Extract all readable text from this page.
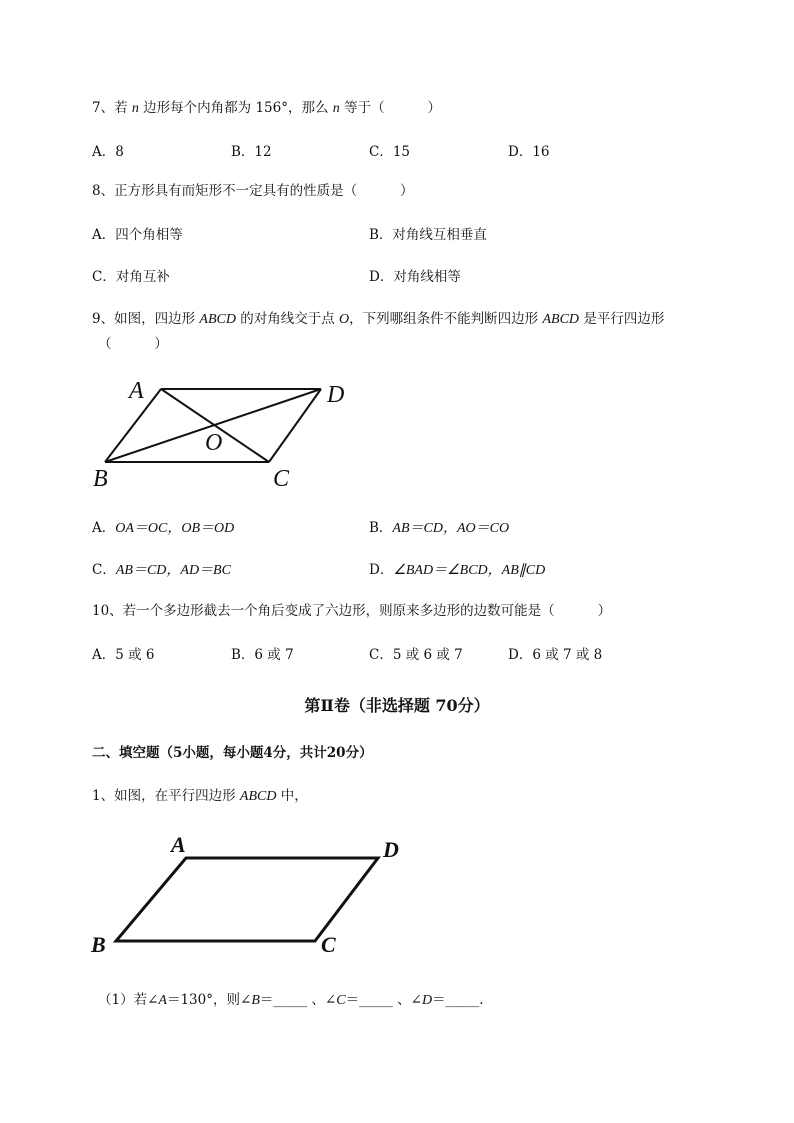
7、若 n 边形每个内角都为 156°，那么 n 等于（          ）
A．8	B．12	C．15	D．16
8、正方形具有而矩形不一定具有的性质是（          ）
A．四个角相等	B．对角线互相垂直
C．对角互补	D．对角线相等
9、如图，四边形 ABCD 的对角线交于点 O，下列哪组条件不能判断四边形 ABCD 是平行四边形
（          ）
A	D
O
B	C
A．OA＝OC，OB＝OD	B．AB＝CD，AO＝CO
C．AB＝CD，AD＝BC	D．∠BAD＝∠BCD，AB∥CD
10、若一个多边形截去一个角后变成了六边形，则原来多边形的边数可能是（          ）
A．5 或 6	B．6 或 7	C．5 或 6 或 7	D．6 或 7 或 8
第Ⅱ卷（非选择题 70分）
二、填空题（5小题，每小题4分，共计20分）
1、如图，在平行四边形 ABCD 中，
A	D
B	C
（1）若∠A＝130°，则∠B＝_____ 、∠C＝_____ 、∠D＝_____.
